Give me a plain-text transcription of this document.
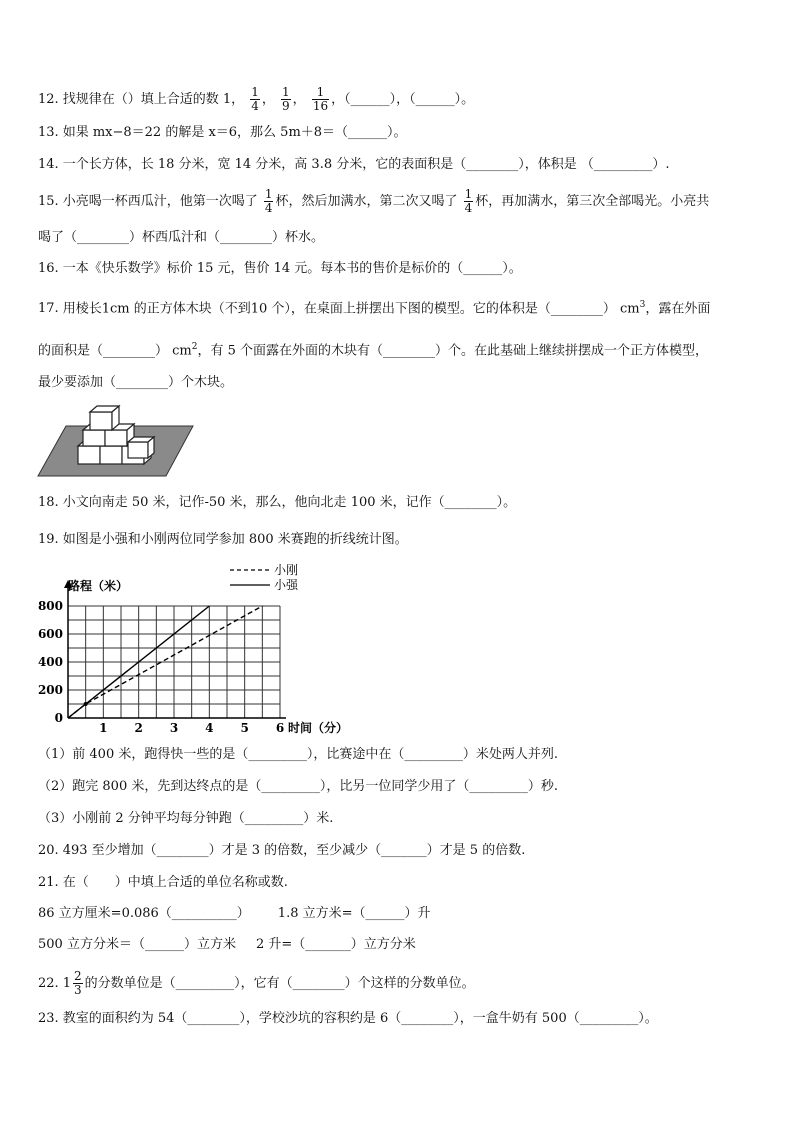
12. 找规律在（）填上合适的数 1， $\frac{1}{4}$ ， $\frac{1}{9}$ ， $\frac{1}{16}$ ，（______），（______）。
13. 如果 mx−8＝22 的解是 x＝6，那么 5m＋8＝（______）。
14. 一个长方体，长 18 分米，宽 14 分米，高 3.8 分米，它的表面积是（________），体积是 （_________）.
15. 小亮喝一杯西瓜汁，他第一次喝了 $\frac{1}{4}$ 杯，然后加满水，第二次又喝了 $\frac{1}{4}$ 杯，再加满水，第三次全部喝光。小亮共
喝了（________）杯西瓜汁和（________）杯水。
16. 一本《快乐数学》标价 15 元，售价 14 元。每本书的售价是标价的（______）。
17. 用棱长1cm 的正方体木块（不到10 个），在桌面上拼摆出下图的模型。它的体积是（________） $cm^3$，露在外面
的面积是（________） $cm^2$，有 5 个面露在外面的木块有（________）个。在此基础上继续拼摆成一个正方体模型，
最少要添加（________）个木块。
18. 小文向南走 50 米，记作-50 米，那么，他向北走 100 米，记作（________）。
19. 如图是小强和小刚两位同学参加 800 米赛跑的折线统计图。
0
200
400
600
800
1 2 3 4 5 6 时间（分）
小刚
小强
路程（米）
（1）前 400 米，跑得快一些的是（_________），比赛途中在（_________）米处两人并列.
（2）跑完 800 米，先到达终点的是（_________），比另一位同学少用了（_________）秒.
（3）小刚前 2 分钟平均每分钟跑（_________）米.
20. 493 至少增加（________）才是 3 的倍数，至少减少（_______）才是 5 的倍数.
21. 在（　　）中填上合适的单位名称或数.
86 立方厘米=0.086（__________） 1.8 立方米=（______）升
500 立方分米＝（______）立方米 2 升=（_______）立方分米
22. $1 \frac{2}{3}$ 的分数单位是（_________），它有（________）个这样的分数单位。
23. 教室的面积约为 54（________），学校沙坑的容积约是 6（________），一盒牛奶有 500（_________）。
